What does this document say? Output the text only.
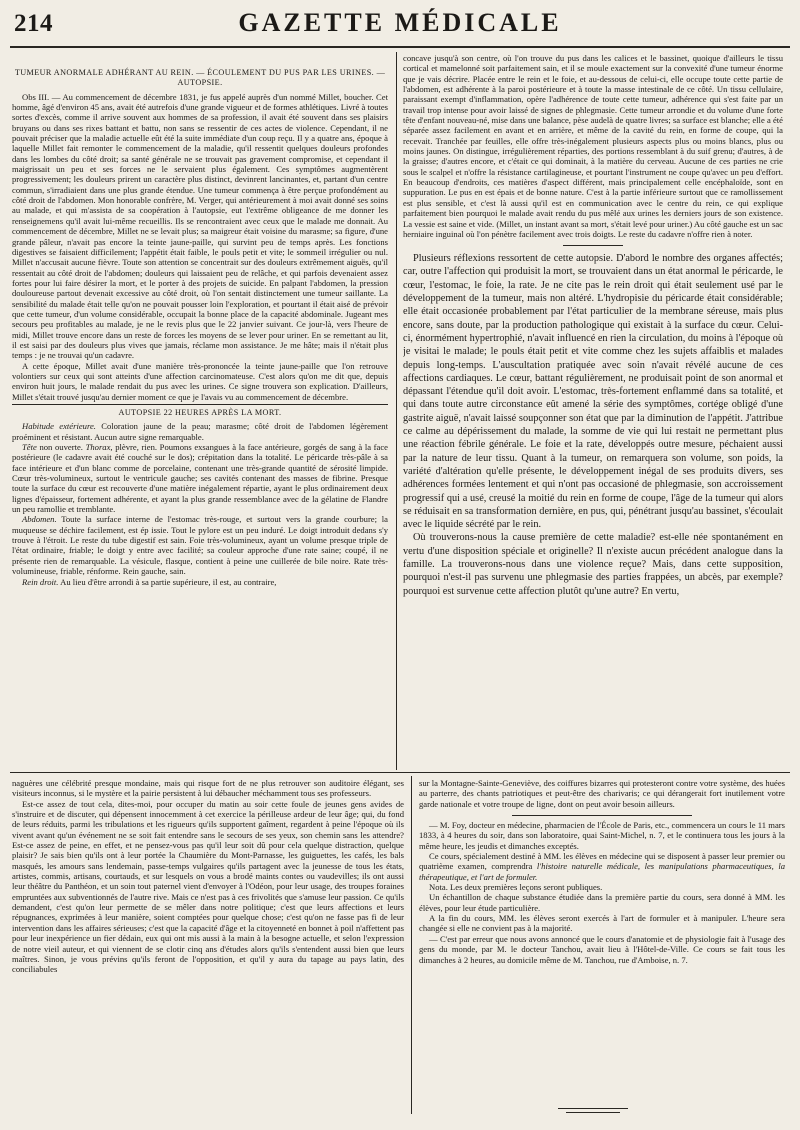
214	GAZETTE MÉDICALE

TUMEUR ANORMALE ADHÉRANT AU REIN. — ÉCOULEMENT DU PUS PAR LES URINES. — AUTOPSIE.

Obs III. — Au commencement de décembre 1831, je fus appelé auprès d'un nommé Millet, boucher. Cet homme, âgé d'environ 45 ans, avait été autrefois d'une grande vigueur et de formes athlétiques. Livré à toutes sortes d'excès, comme il arrive souvent aux hommes de sa profession, il avait été souvent dans ses plaisirs bruyans ou dans ses rixes battant et battu, non sans se ressentir de ces actes de violence. Cependant, il ne pouvait préciser que la maladie actuelle eût été la suite immédiate d'un coup reçu. Il y a quatre ans, époque à laquelle Millet fait remonter le commencement de la maladie, qu'il ressentit quelques douleurs profondes dans les lombes du côté droit; sa santé générale ne se trouvait pas gravement compromise, et cependant il maigrissait un peu et ses forces ne le servaient plus également. Ces symptômes augmentèrent progressivement; les douleurs prirent un caractère plus distinct, devinrent lancinantes, et, partant d'un centre commun, s'irradiaient dans une plus grande étendue. Une tumeur commença à être perçue profondément au côté droit de l'abdomen. Mon honorable confrère, M. Verger, qui antérieurement à moi avait donné ses soins au malade, et qui m'assista de sa coopération à l'autopsie, eut l'extrême obligeance de me donner les renseignemens qu'il avait lui-même recueillis. Ils se rencontraient avec ceux que le malade me donnait. Au commencement de décembre, Millet ne se levait plus; sa maigreur était voisine du marasme; sa figure, d'une grande pâleur, n'avait pas encore la teinte jaune-paille, qui survint peu de temps après. Les fonctions digestives se faisaient difficilement; l'appétit était faible, le pouls petit et vite; le sommeil irrégulier ou nul. Millet n'accusait aucune fièvre. Toute son attention se concentrait sur des douleurs extrêmement aiguës, qu'il ressentait au côté droit de l'abdomen; douleurs qui laissaient peu de relâche, et qui parfois devenaient assez fortes pour lui faire désirer la mort, et le porter à des projets de suicide. En palpant l'abdomen, la pression douloureuse partout devenait excessive au côté droit, où l'on sentait distinctement une tumeur saillante. La sensibilité du malade était telle qu'on ne pouvait pousser loin l'exploration, et pourtant il était aisé de prévoir que cette tumeur, d'un volume considérable, occupait la bonne place de la capacité abdominale. Jugeant mes secours peu profitables au malade, je ne le revis plus que le 22 janvier suivant. Ce jour-là, vers l'heure de midi, Millet trouve encore dans un reste de forces les moyens de se lever pour uriner. En se remettant au lit, il est saisi par des douleurs plus vives que jamais, réclame mon assistance. Je me hâte; mais il n'était plus temps : je ne trouvai qu'un cadavre.

A cette époque, Millet avait d'une manière très-prononcée la teinte jaune-paille que l'on retrouve volontiers sur ceux qui sont atteints d'une affection carcinomateuse. C'est alors qu'on me dit que, depuis environ huit jours, le malade rendait du pus avec les urines. Ce signe trouvera son explication. D'ailleurs, Millet s'était trouvé jusqu'au dernier moment ce que je l'avais vu au commencement de décembre.

AUTOPSIE 22 HEURES APRÈS LA MORT.

Habitude extérieure. Coloration jaune de la peau; marasme; côté droit de l'abdomen légèrement proéminent et résistant. Aucun autre signe remarquable.

Tête non ouverte. Thorax, plèvre, rien. Poumons exsangues à la face antérieure, gorgés de sang à la face postérieure (le cadavre avait été couché sur le dos); crépitation dans la totalité. Le péricarde très-pâle à sa face intérieure et d'un blanc comme de porcelaine, contenant une très-grande quantité de sérosité limpide. Cœur très-volumineux, surtout le ventricule gauche; ses cavités contenant des masses de fibrine. Presque toute la surface du cœur est recouverte d'une matière inégalement répartie, ayant le plus ordinairement deux lignes d'épaisseur, fortement adhérente, et ayant la plus grande ressemblance avec de la gélatine de Flandre un peu ramollie et tremblante.

Abdomen. Toute la surface interne de l'estomac très-rouge, et surtout vers la grande courbure; la muqueuse se déchire facilement, est ép issie. Tout le pylore est un peu induré. Le doigt introduit dedans s'y trouve à l'étroit. Le reste du tube digestif est sain. Foie très-volumineux, ayant un volume presque triple de l'état ordinaire, friable; le doigt y entre avec facilité; sa couleur approche d'une rate saine; coupé, il ne présente rien de remarquable. La vésicule, flasque, contient à peine une cuillerée de bile noire. Rate très-volumineuse, friable, rénforme. Rein gauche, sain.

Rein droit. Au lieu d'être arrondi à sa partie supérieure, il est, au contraire,

concave jusqu'à son centre, où l'on trouve du pus dans les calices et le bassinet, quoique d'ailleurs le tissu cortical et mamelonné soit parfaitement sain, et il se moule exactement sur la convexité d'une tumeur énorme que je vais décrire. Placée entre le rein et le foie, et au-dessous de celui-ci, elle occupe toute cette partie de l'abdomen, est adhérente à la paroi postérieure et à toute la masse intestinale de ce côté. Un tissu cellulaire, paraissant exempt d'inflammation, opère l'adhérence de toute cette tumeur, adhérence qui s'est faite par un travail trop intense pour avoir laissé de signes de phlegmasie. Cette tumeur arrondie et du volume d'une forte tête d'enfant nouveau-né, mise dans une balance, pèse audelà de quatre livres; sa surface est blanche; elle a été séparée assez facilement en avant et en arrière, et même de la cavité du rein, en forme de coupe, qui la recevait. Tranchée par feuilles, elle offre très-inégalement plusieurs aspects plus ou moins blancs, plus ou moins jaunes. On distingue, irrégulièrement réparties, des portions ressemblant à du suif grenu; d'autres, à de la graisse; d'autres encore, et c'était ce qui dominait, à la matière du cerveau. Aucune de ces parties ne crie sous le scalpel et n'offre la résistance cartilagineuse, et pourtant l'instrument ne coupe qu'avec un peu d'effort. En beaucoup d'endroits, ces matières d'aspect différent, mais principalement celle encéphaloïde, sont en suppuration. Le pus en est épais et de bonne nature. C'est à la partie inférieure surtout que ce ramollissement est plus sensible, et c'est là aussi qu'il est en communication avec le centre du rein, ce qui explique parfaitement bien pourquoi le malade avait rendu du pus mêlé aux urines les derniers jours de son existence. La vessie est saine et vide. (Millet, un instant avant sa mort, s'était levé pour uriner.) Au côté gauche est un sac herniaire inguinal où l'on pénètre facilement avec trois doigts. Le reste du cadavre n'offre rien à noter.

Plusieurs réflexions ressortent de cette autopsie. D'abord le nombre des organes affectés; car, outre l'affection qui produisit la mort, se trouvaient dans un état anormal le péricarde, le cœur, l'estomac, le foie, la rate. Je ne cite pas le rein droit qui était seulement usé par le développement de la tumeur, mais non altéré. L'hydropisie du péricarde était considérable; elle était occasionée probablement par l'état particulier de la membrane séreuse, mais plus encore, sans doute, par la production pathologique qui existait à la surface du cœur. Celui-ci, énormément hypertrophié, n'avait influencé en rien la circulation, du moins à l'époque où je visitai le malade; le pouls était petit et vite comme chez les sujets affaiblis et malades depuis long-temps. L'auscultation pratiquée avec soin n'avait révélé aucune de ces affections cardiaques. Le cœur, battant régulièrement, ne produisait point de son anormal et dépassant l'étendue qu'il doit avoir. L'estomac, très-fortement enflammé dans sa totalité, et qui dans toute autre circonstance eût amené la série des symptômes, cortége obligé d'une gastrite aiguë, n'avait laissé soupçonner son état que par la diminution de l'appétit. J'attribue ce calme au dépérissement du malade, la somme de vie qui lui restait ne permettant plus une réaction fébrile générale. Le foie et la rate, développés outre mesure, péchaient aussi par la nature de leur tissu. Quant à la tumeur, on remarquera son volume, son poids, la variété d'altération qu'elle présente, le développement inégal de ses produits divers, ses adhérences formées lentement et qui n'ont pas occasioné de phlegmasie, son accroissement progressif qui a usé, creusé la moitié du rein en forme de coupe, l'âge de la tumeur qui alors se réduisait en sa transformation dernière, en pus, qui, pénétrant jusqu'au bassinet, s'écoulait avec le liquide sécrété par le rein.

Où trouverons-nous la cause première de cette maladie? est-elle née spontanément en vertu d'une disposition spéciale et originelle? Il n'existe aucun précédent analogue dans la famille. La trouverons-nous dans une violence reçue? Mais, dans cette supposition, pourquoi n'est-il pas survenu une phlegmasie des parties frappées, un abcès, par exemple? pourquoi est survenue cette affection plutôt qu'une autre? En vertu,

naguères une célébrité presque mondaine, mais qui risque fort de ne plus retrouver son auditoire élégant, ses visiteurs inconnus, si le mystère et la pairie persistent à lui débaucher méchamment tous ses professeurs.

Est-ce assez de tout cela, dites-moi, pour occuper du matin au soir cette foule de jeunes gens avides de s'instruire et de discuter, qui dépensent innocemment à cet exercice la périlleuse ardeur de leur âge; qui, du fond de leurs réduits, parmi les tribulations et les rigueurs qu'ils supportent gaîment, regardent à peine l'époque où ils vivent avant qu'un événement ne se soit fait entendre sans le secours de ses yeux, son chemin sans les attendre? Est-ce assez de peine, en effet, et ne pensez-vous pas qu'il leur soit dû pour cela quelque distraction, quelque plaisir? Je sais bien qu'ils ont à leur portée la Chaumière du Mont-Parnasse, les guiguettes, les cafés, les bals masqués, les amours sans lendemain, passe-temps vulgaires qu'ils partagent avec la jeunesse de tous les états, artistes, commis, artisans, courtauds, et sur lesquels on vous a brodé maints contes ou vaudevilles; ils ont aussi leur théâtre du Panthéon, et un soin tout paternel vient d'envoyer à l'Odéon, pour leur usage, des troupes foraines empruntées aux subventionnés de l'autre rive. Mais ce n'est pas à ces frivolités que s'amuse leur passion. Ce qu'ils demandent, c'est qu'on leur permette de se mêler dans notre politique; c'est que leurs affections et leurs répugnances, exprimées à leur manière, soient comptées pour quelque chose; c'est qu'on ne fasse pas fi de leur intervention dans les affaires sérieuses; c'est que la capacité d'âge et la citoyenneté en bonnet à poil n'affettent pas pour leur inexpérience un fier dédain, eux qui ont mis aussi à la main à la besogne actuelle, et selon l'expression de notre vieil auteur, et qui viennent de se clotir cinq ans d'études alors qu'ils s'entendent aussi bien que leurs maîtres. Sinon, je vous prévins qu'ils feront de l'opposition, et qu'il y aura du tapage au pays latin, des conciliabules

sur la Montagne-Sainte-Geneviève, des coiffures bizarres qui protesteront contre votre système, des huées au parterre, des chants patriotiques et peut-être des charivaris; ce qui dérangerait fort inutilement votre garde nationale et votre troupe de ligne, dont on peut avoir besoin ailleurs.

— M. Foy, docteur en médecine, pharmacien de l'École de Paris, etc., commencera un cours le 11 mars 1833, à 4 heures du soir, dans son laboratoire, quai Saint-Michel, n. 7, et le continuera tous les jours à la même heure, les jeudis et dimanches exceptés.

Ce cours, spécialement destiné à MM. les élèves en médecine qui se disposent à passer leur premier ou quatrième examen, comprendra l'histoire naturelle médicale, les manipulations pharmaceutiques, la thérapeutique, et l'art de formuler.

Nota. Les deux premières leçons seront publiques.

Un échantillon de chaque substance étudiée dans la première partie du cours, sera donné à MM. les élèves, pour leur étude particulière.

A la fin du cours, MM. les élèves seront exercés à l'art de formuler et à manipuler. L'heure sera changée si elle ne convient pas à la majorité.

— C'est par erreur que nous avons annoncé que le cours d'anatomie et de physiologie fait à l'usage des gens du monde, par M. le docteur Tanchou, avait lieu à l'Hôtel-de-Ville. Ce cours se fait tous les dimanches à 2 heures, au domicile même de M. Tanchou, rue d'Amboise, n. 7.
